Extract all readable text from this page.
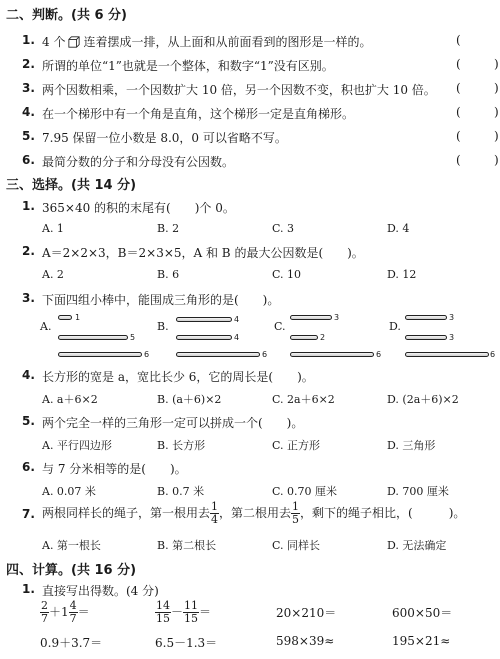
二、判断。(共 6 分)
1. 4 个 连着摆成一排，从上面和从前面看到的图形是一样的。	(
2. 所谓的单位“1”也就是一个整体，和数字“1”没有区别。	(	)
3. 两个因数相乘，一个因数扩大 10 倍，另一个因数不变，积也扩大 10 倍。 (	)
4. 在一个梯形中有一个角是直角，这个梯形一定是直角梯形。	(	)
5. 7.95 保留一位小数是 8.0，0 可以省略不写。	(	)
6. 最简分数的分子和分母没有公因数。	(	)
三、选择。(共 14 分)
1. 365×40 的积的末尾有(　　)个 0。
A. 1	B. 2	C. 3	D. 4
2. A＝2×2×3，B＝2×3×5，A 和 B 的最大公因数是(　　)。
A. 2	B. 6	C. 10	D. 12
3. 下面四组小棒中，能围成三角形的是(　　)。
A.
1
5
6
B.
4
4
6
C.
3
2
6
D.
3
3
6
4. 长方形的宽是 a，宽比长少 6，它的周长是(　　)。
A. a＋6×2	B. (a＋6)×2	C. 2a＋6×2	D. (2a＋6)×2
5. 两个完全一样的三角形一定可以拼成一个(　　)。
A. 平行四边形	B. 长方形	C. 正方形	D. 三角形
6. 与 7 分米相等的是(　　)。
A. 0.07 米	B. 0.7 米	C. 0.70 厘米	D. 700 厘米
7. 两根同样长的绳子，第一根用去 $\frac{1}{4}$ ，第二根用去 $\frac{1}{5}$ ，剩下的绳子相比，(　　　)。
A. 第一根长	B. 第二根长	C. 同样长	D. 无法确定
四、计算。(共 16 分)
1. 直接写出得数。(4 分)
$\frac{2}{7} +1 \frac{4}{7}$ ＝	$\frac{14}{15} - \frac{11}{15}$ ＝	20×210＝	600×50＝
0.9＋3.7＝	6.5－1.3＝	598×39≈	195×21≈
